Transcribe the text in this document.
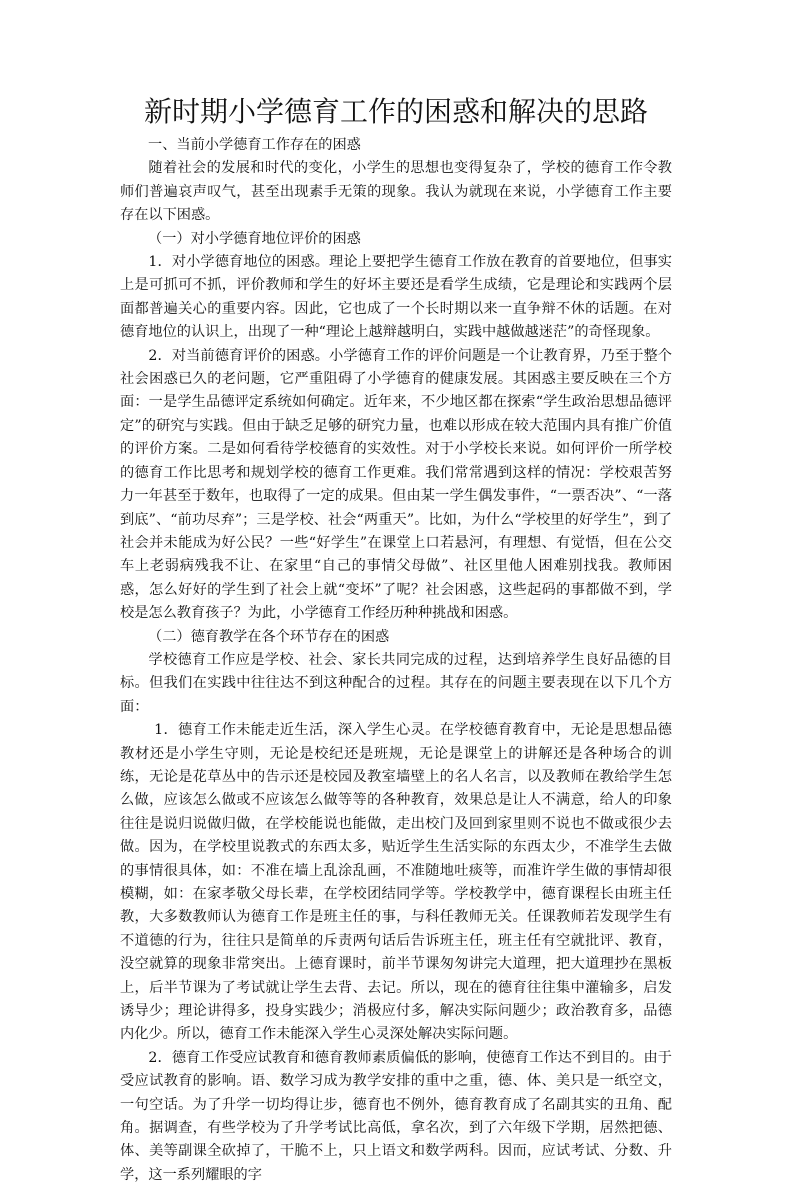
新时期小学德育工作的困惑和解决的思路

一、当前小学德育工作存在的困惑

随着社会的发展和时代的变化，小学生的思想也变得复杂了，学校的德育工作令教师们普遍哀声叹气，甚至出现素手无策的现象。我认为就现在来说，小学德育工作主要存在以下困惑。

（一）对小学德育地位评价的困惑

1．对小学德育地位的困惑。理论上要把学生德育工作放在教育的首要地位，但事实上是可抓可不抓，评价教师和学生的好坏主要还是看学生成绩，它是理论和实践两个层面都普遍关心的重要内容。因此，它也成了一个长时期以来一直争辩不休的话题。在对德育地位的认识上，出现了一种“理论上越辩越明白，实践中越做越迷茫”的奇怪现象。

2．对当前德育评价的困惑。小学德育工作的评价问题是一个让教育界，乃至于整个社会困惑已久的老问题，它严重阻碍了小学德育的健康发展。其困惑主要反映在三个方面：一是学生品德评定系统如何确定。近年来，不少地区都在探索“学生政治思想品德评定”的研究与实践。但由于缺乏足够的研究力量，也难以形成在较大范围内具有推广价值的评价方案。二是如何看待学校德育的实效性。对于小学校长来说。如何评价一所学校的德育工作比思考和规划学校的德育工作更难。我们常常遇到这样的情况：学校艰苦努力一年甚至于数年，也取得了一定的成果。但由某一学生偶发事件，“一票否决”、“一落到底”、“前功尽弃”；三是学校、社会“两重天”。比如，为什么“学校里的好学生”，到了社会并未能成为好公民？一些“好学生”在课堂上口若悬河，有理想、有觉悟，但在公交车上老弱病残我不让、在家里“自己的事情父母做”、社区里他人困难别找我。教师困惑，怎么好好的学生到了社会上就“变坏”了呢？社会困惑，这些起码的事都做不到，学校是怎么教育孩子？为此，小学德育工作经历种种挑战和困惑。

（二）德育教学在各个环节存在的困惑

学校德育工作应是学校、社会、家长共同完成的过程，达到培养学生良好品德的目标。但我们在实践中往往达不到这种配合的过程。其存在的问题主要表现在以下几个方面：

1．德育工作未能走近生活，深入学生心灵。在学校德育教育中，无论是思想品德教材还是小学生守则，无论是校纪还是班规，无论是课堂上的讲解还是各种场合的训练，无论是花草丛中的告示还是校园及教室墙壁上的名人名言，以及教师在教给学生怎么做，应该怎么做或不应该怎么做等等的各种教育，效果总是让人不满意，给人的印象往往是说归说做归做，在学校能说也能做，走出校门及回到家里则不说也不做或很少去做。因为，在学校里说教式的东西太多，贴近学生生活实际的东西太少，不准学生去做的事情很具体，如：不准在墙上乱涂乱画，不准随地吐痰等，而准许学生做的事情却很模糊，如：在家孝敬父母长辈，在学校团结同学等。学校教学中，德育课程长由班主任教，大多数教师认为德育工作是班主任的事，与科任教师无关。任课教师若发现学生有不道德的行为，往往只是简单的斥责两句话后告诉班主任，班主任有空就批评、教育，没空就算的现象非常突出。上德育课时，前半节课匆匆讲完大道理，把大道理抄在黑板上，后半节课为了考试就让学生去背、去记。所以，现在的德育往往集中灌输多，启发诱导少；理论讲得多，投身实践少；消极应付多，解决实际问题少；政治教育多，品德内化少。所以，德育工作未能深入学生心灵深处解决实际问题。

2．德育工作受应试教育和德育教师素质偏低的影响，使德育工作达不到目的。由于受应试教育的影响。语、数学习成为教学安排的重中之重，德、体、美只是一纸空文，一句空话。为了升学一切均得让步，德育也不例外，德育教育成了名副其实的丑角、配角。据调查，有些学校为了升学考试比高低，拿名次，到了六年级下学期，居然把德、体、美等副课全砍掉了，干脆不上，只上语文和数学两科。因而，应试考试、分数、升学，这一系列耀眼的字
